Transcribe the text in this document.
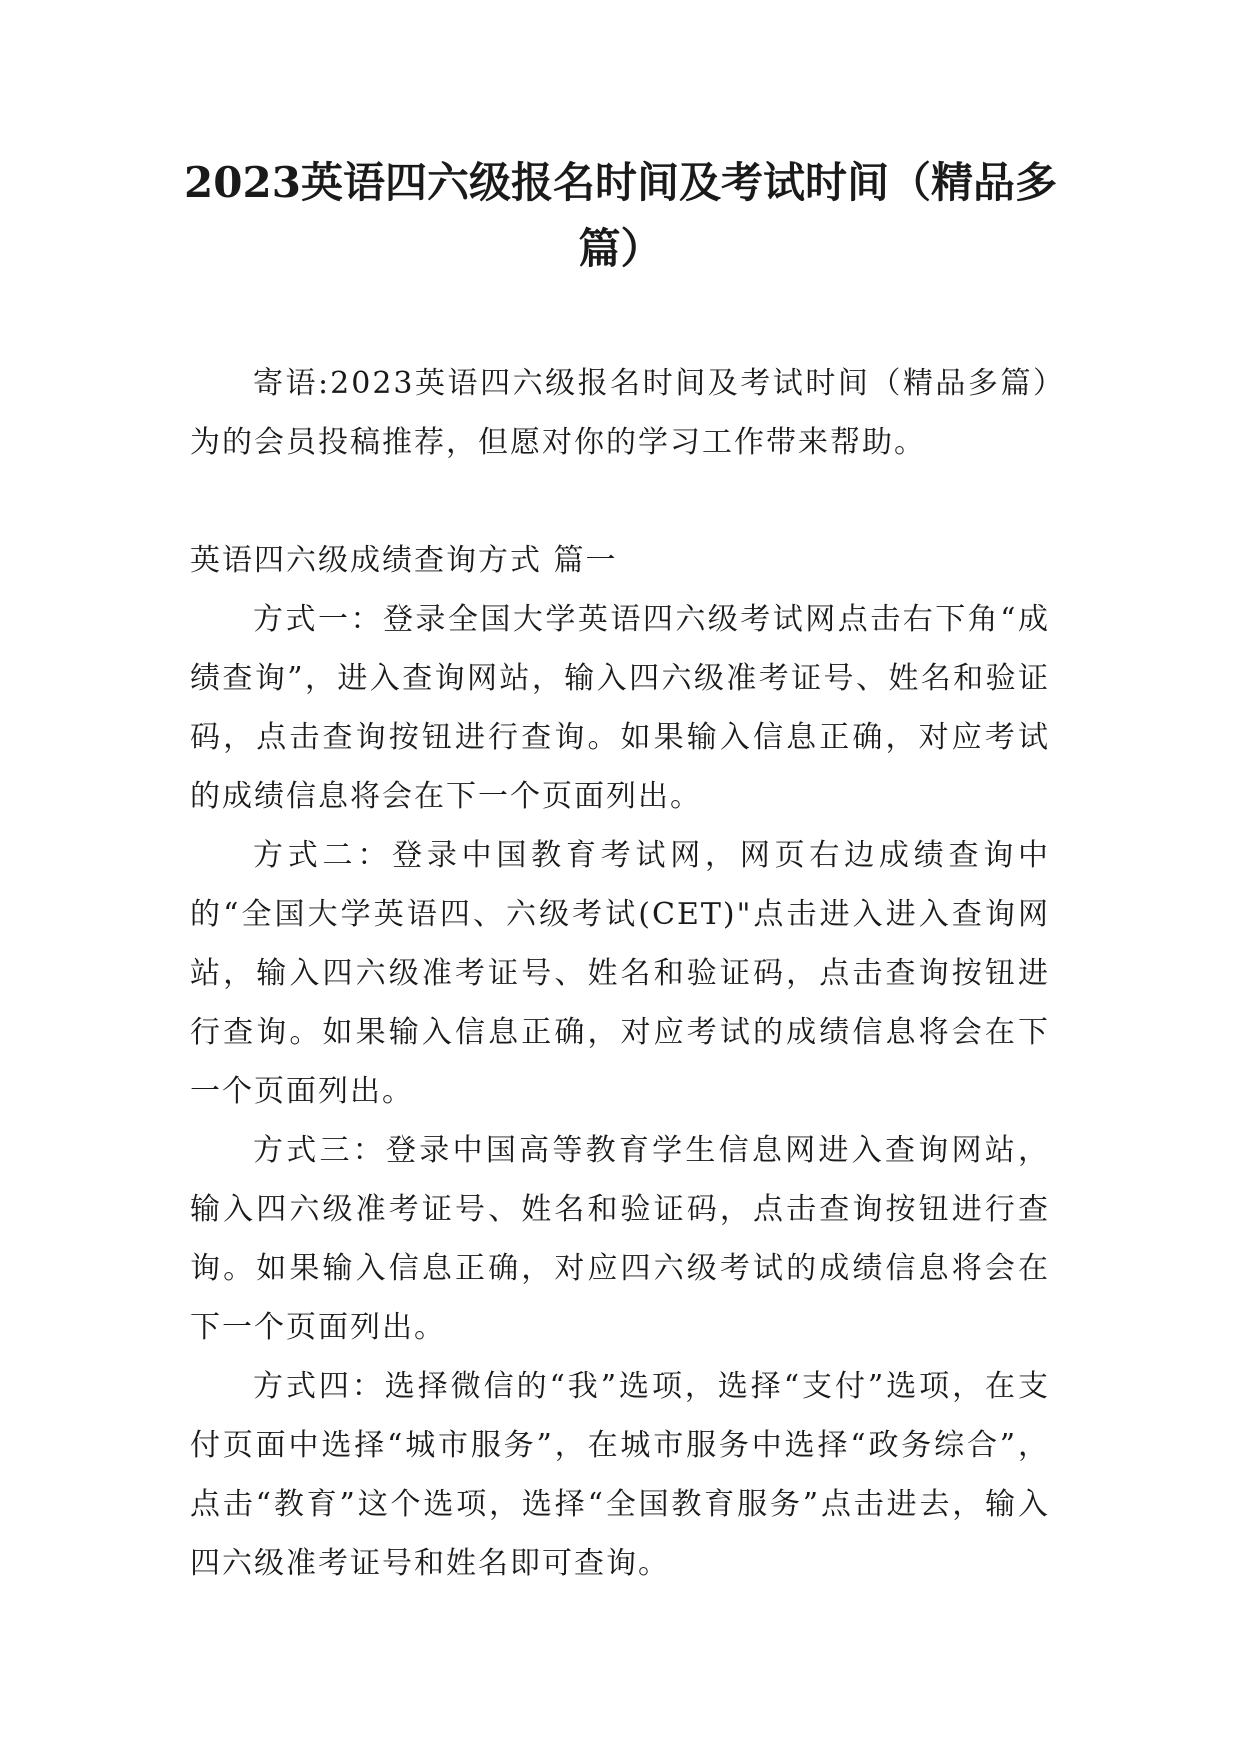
2023英语四六级报名时间及考试时间（精品多篇）

寄语:2023英语四六级报名时间及考试时间（精品多篇）为的会员投稿推荐，但愿对你的学习工作带来帮助。

英语四六级成绩查询方式 篇一

方式一：登录全国大学英语四六级考试网点击右下角“成绩查询”，进入查询网站，输入四六级准考证号、姓名和验证码，点击查询按钮进行查询。如果输入信息正确，对应考试的成绩信息将会在下一个页面列出。

方式二：登录中国教育考试网，网页右边成绩查询中的“全国大学英语四、六级考试(CET)"点击进入进入查询网站，输入四六级准考证号、姓名和验证码，点击查询按钮进行查询。如果输入信息正确，对应考试的成绩信息将会在下一个页面列出。

方式三：登录中国高等教育学生信息网进入查询网站，输入四六级准考证号、姓名和验证码，点击查询按钮进行查询。如果输入信息正确，对应四六级考试的成绩信息将会在下一个页面列出。

方式四：选择微信的“我”选项，选择“支付”选项，在支付页面中选择“城市服务”，在城市服务中选择“政务综合”，点击“教育”这个选项，选择“全国教育服务”点击进去，输入四六级准考证号和姓名即可查询。
